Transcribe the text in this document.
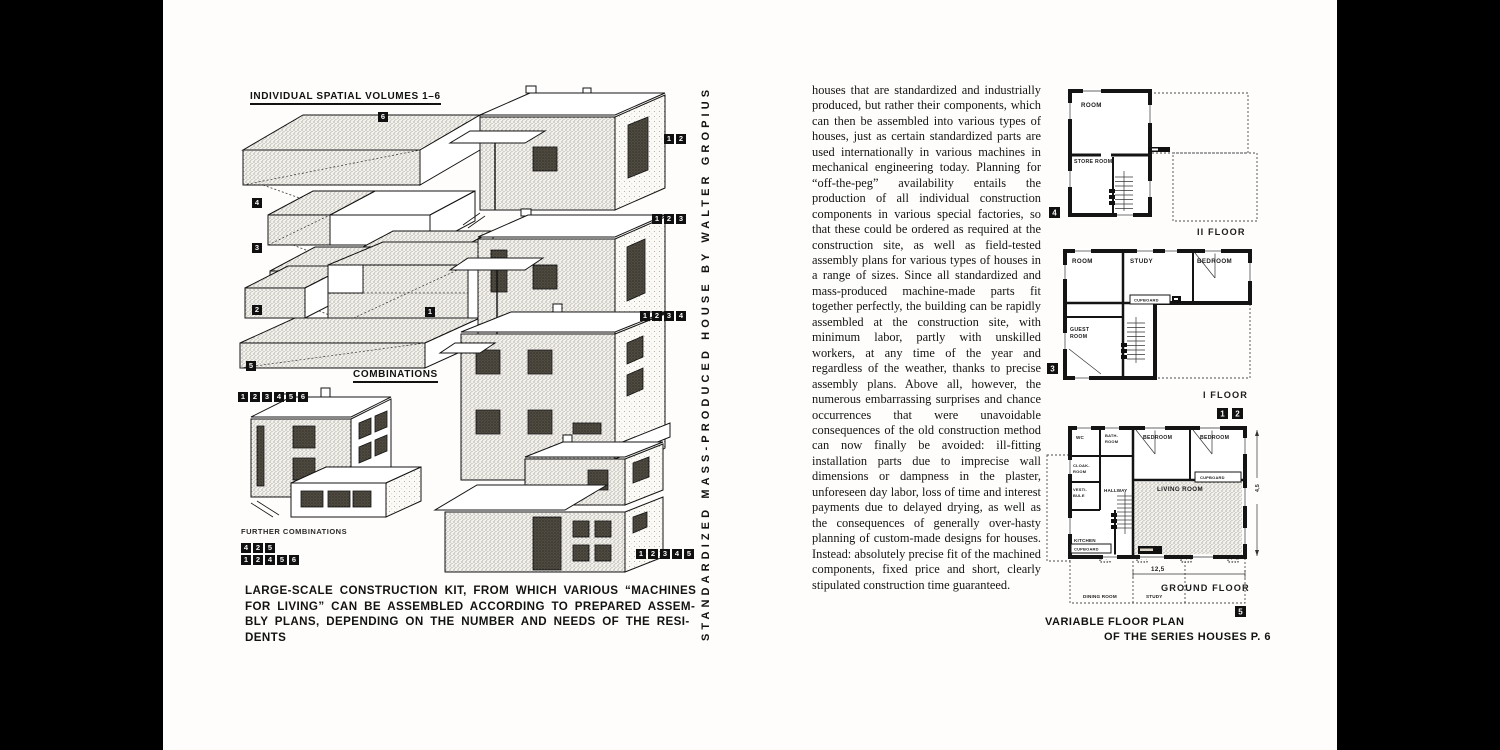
INDIVIDUAL SPATIAL VOLUMES 1–6
6
4
3
2	1
5
1 2
1 2 3
1 2 3 4
1 2 3 4 5
1 2 3 4 5 6
COMBINATIONS
FURTHER COMBINATIONS
4 2 5
1 2 4 5 6
LARGE-SCALE CONSTRUCTION KIT, FROM WHICH VARIOUS “MACHINES
FOR LIVING” CAN BE ASSEMBLED ACCORDING TO PREPARED ASSEM-
BLY PLANS, DEPENDING ON THE NUMBER AND NEEDS OF THE RESI-
DENTS	STANDARDIZED MASS-PRODUCED HOUSE BY WALTER GROPIUS	houses that are standardized and industrially produced, but rather their components, which can then be assembled into various types of houses, just as certain standardized parts are used internationally in various machines in mechanical engineering today. Planning for “off-the-peg” availability entails the production of all individual construction components in various special factories, so that these could be ordered as required at the construction site, as well as field-tested assembly plans for various types of houses in a range of sizes. Since all standardized and mass-produced machine-made parts fit together perfectly, the building can be rapidly assembled at the construction site, with minimum labor, partly with unskilled workers, at any time of the year and regardless of the weather, thanks to precise assembly plans. Above all, however, the numerous embarrassing surprises and chance occurrences that were unavoidable consequences of the old construction method can now finally be avoided: ill-fitting installation parts due to imprecise wall dimensions or dampness in the plaster, unforeseen day labor, loss of time and interest payments due to delayed drying, as well as the consequences of generally over-hasty planning of custom-made designs for houses. Instead: absolutely precise fit of the machined components, fixed price and short, clearly stipulated construction time guaranteed.
ROOM
STORE ROOM
4
II FLOOR
ROOM	STUDY	BEDROOM
CUPBOARD
GUEST
ROOM
3
I FLOOR
12,5
4,5
WC	BATH-
ROOM
BEDROOM	BEDROOM
CLOAK-
ROOM
VESTI-
BULE
HALLWAY	LIVING ROOM
CUPBOARD
KITCHEN
CUPBOARD
DINING ROOM	STUDY
GROUND FLOOR
1 2
5
VARIABLE FLOOR PLAN
OF THE SERIES HOUSES P. 6
